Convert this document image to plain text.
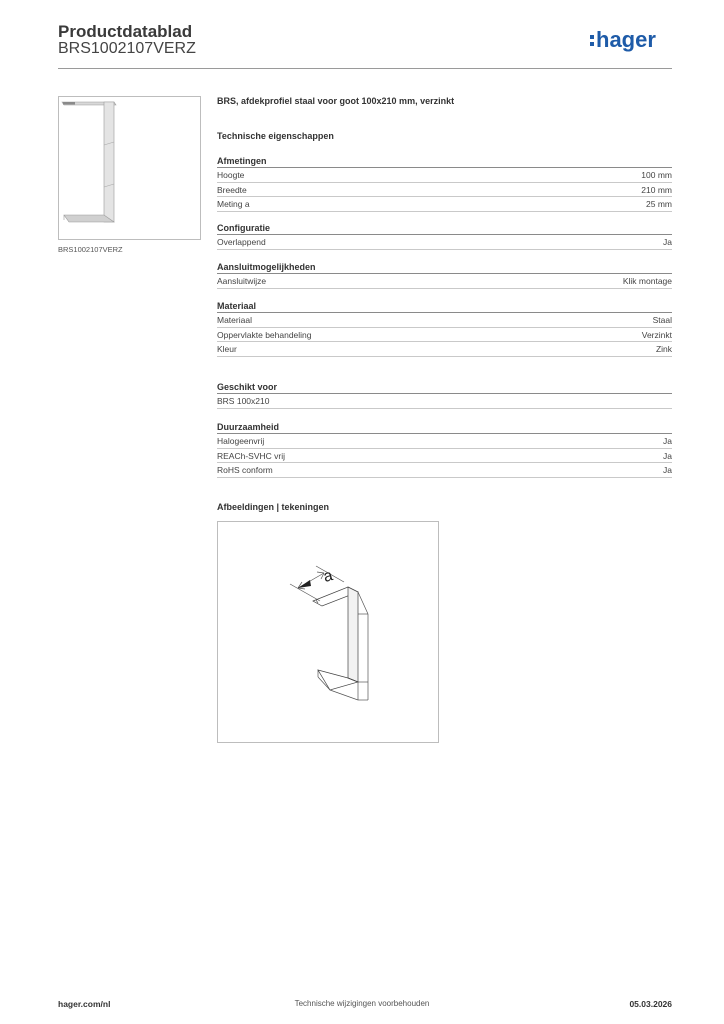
Productdatablad
BRS1002107VERZ	hager
BRS1002107VERZ
BRS, afdekprofiel staal voor goot 100x210 mm, verzinkt
Technische eigenschappen
Afmetingen
Hoogte	100 mm
Breedte	210 mm
Meting a	25 mm
Configuratie
Overlappend	Ja
Aansluitmogelijkheden
Aansluitwijze	Klik montage
Materiaal
Materiaal	Staal
Oppervlakte behandeling	Verzinkt
Kleur	Zink
Geschikt voor
BRS 100x210
Duurzaamheid
Halogeenvrij	Ja
REACh-SVHC vrij	Ja
RoHS conform	Ja
Afbeeldingen | tekeningen
a
Technische wijzigingen voorbehouden
hager.com/nl	05.03.2026
